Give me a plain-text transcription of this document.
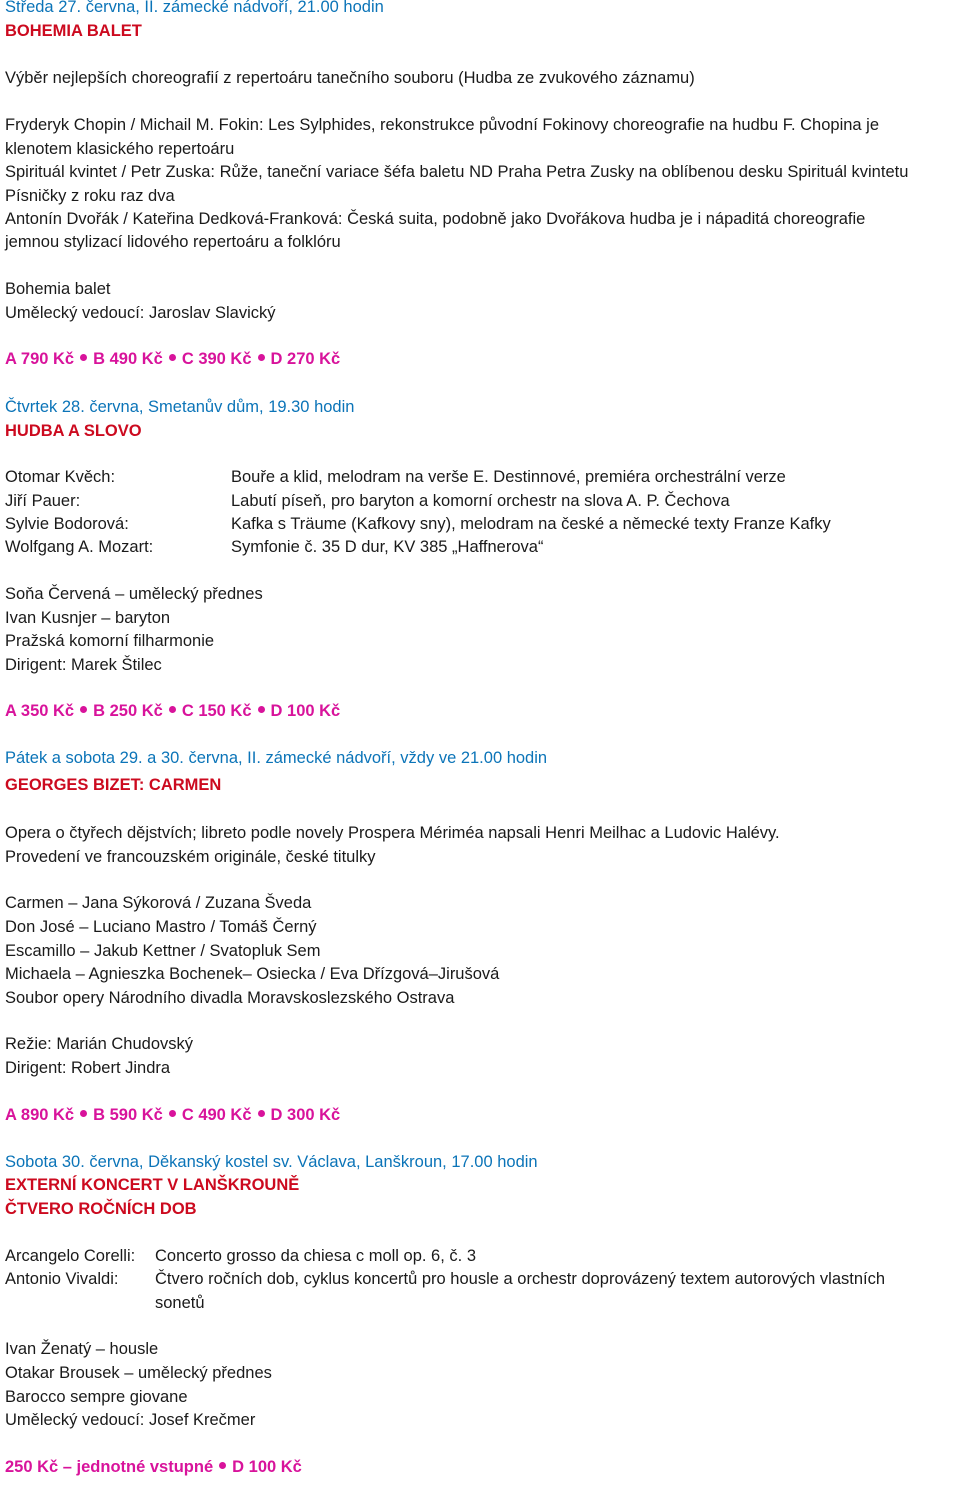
Středa 27. června, II. zámecké nádvoří, 21.00 hodin
BOHEMIA BALET
Výběr nejlepších choreografií z repertoáru tanečního souboru (Hudba ze zvukového záznamu)
Fryderyk Chopin / Michail M. Fokin: Les Sylphides, rekonstrukce původní Fokinovy choreografie na hudbu F. Chopina je
klenotem klasického repertoáru
Spirituál kvintet / Petr Zuska: Růže, taneční variace šéfa baletu ND Praha Petra Zusky na oblíbenou desku Spirituál kvintetu
Písničky z roku raz dva
Antonín Dvořák / Kateřina Dedková-Franková: Česká suita, podobně jako Dvořákova hudba je i nápaditá choreografie
jemnou stylizací lidového repertoáru a folklóru
Bohemia balet
Umělecký vedoucí: Jaroslav Slavický
A 790 Kč B 490 Kč C 390 Kč D 270 Kč
Čtvrtek 28. června, Smetanův dům, 19.30 hodin
HUDBA A SLOVO
Otomar Kvěch:	Bouře a klid, melodram na verše E. Destinnové, premiéra orchestrální verze
Jiří Pauer:	Labutí píseň, pro baryton a komorní orchestr na slova A. P. Čechova
Sylvie Bodorová:	Kafka s Träume (Kafkovy sny), melodram na české a německé texty Franze Kafky
Wolfgang A. Mozart:	Symfonie č. 35 D dur, KV 385 „Haffnerova“
Soňa Červená – umělecký přednes
Ivan Kusnjer – baryton
Pražská komorní filharmonie
Dirigent: Marek Štilec
A 350 Kč B 250 Kč C 150 Kč D 100 Kč
Pátek a sobota 29. a 30. června, II. zámecké nádvoří, vždy ve 21.00 hodin
GEORGES BIZET: CARMEN
Opera o čtyřech dějstvích; libreto podle novely Prospera Mériméa napsali Henri Meilhac a Ludovic Halévy.
Provedení ve francouzském originále, české titulky
Carmen – Jana Sýkorová / Zuzana Šveda
Don José – Luciano Mastro / Tomáš Černý
Escamillo – Jakub Kettner / Svatopluk Sem
Michaela – Agnieszka Bochenek– Osiecka / Eva Dřízgová–Jirušová
Soubor opery Národního divadla Moravskoslezského Ostrava
Režie: Marián Chudovský
Dirigent: Robert Jindra
A 890 Kč B 590 Kč C 490 Kč D 300 Kč
Sobota 30. června, Děkanský kostel sv. Václava, Lanškroun, 17.00 hodin
EXTERNÍ KONCERT V LANŠKROUNĚ
ČTVERO ROČNÍCH DOB
Arcangelo Corelli: Concerto grosso da chiesa c moll op. 6, č. 3
Antonio Vivaldi: Čtvero ročních dob, cyklus koncertů pro housle a orchestr doprovázený textem autorových vlastních
sonetů
Ivan Ženatý – housle
Otakar Brousek – umělecký přednes
Barocco sempre giovane
Umělecký vedoucí: Josef Krečmer
250 Kč – jednotné vstupné D 100 Kč
